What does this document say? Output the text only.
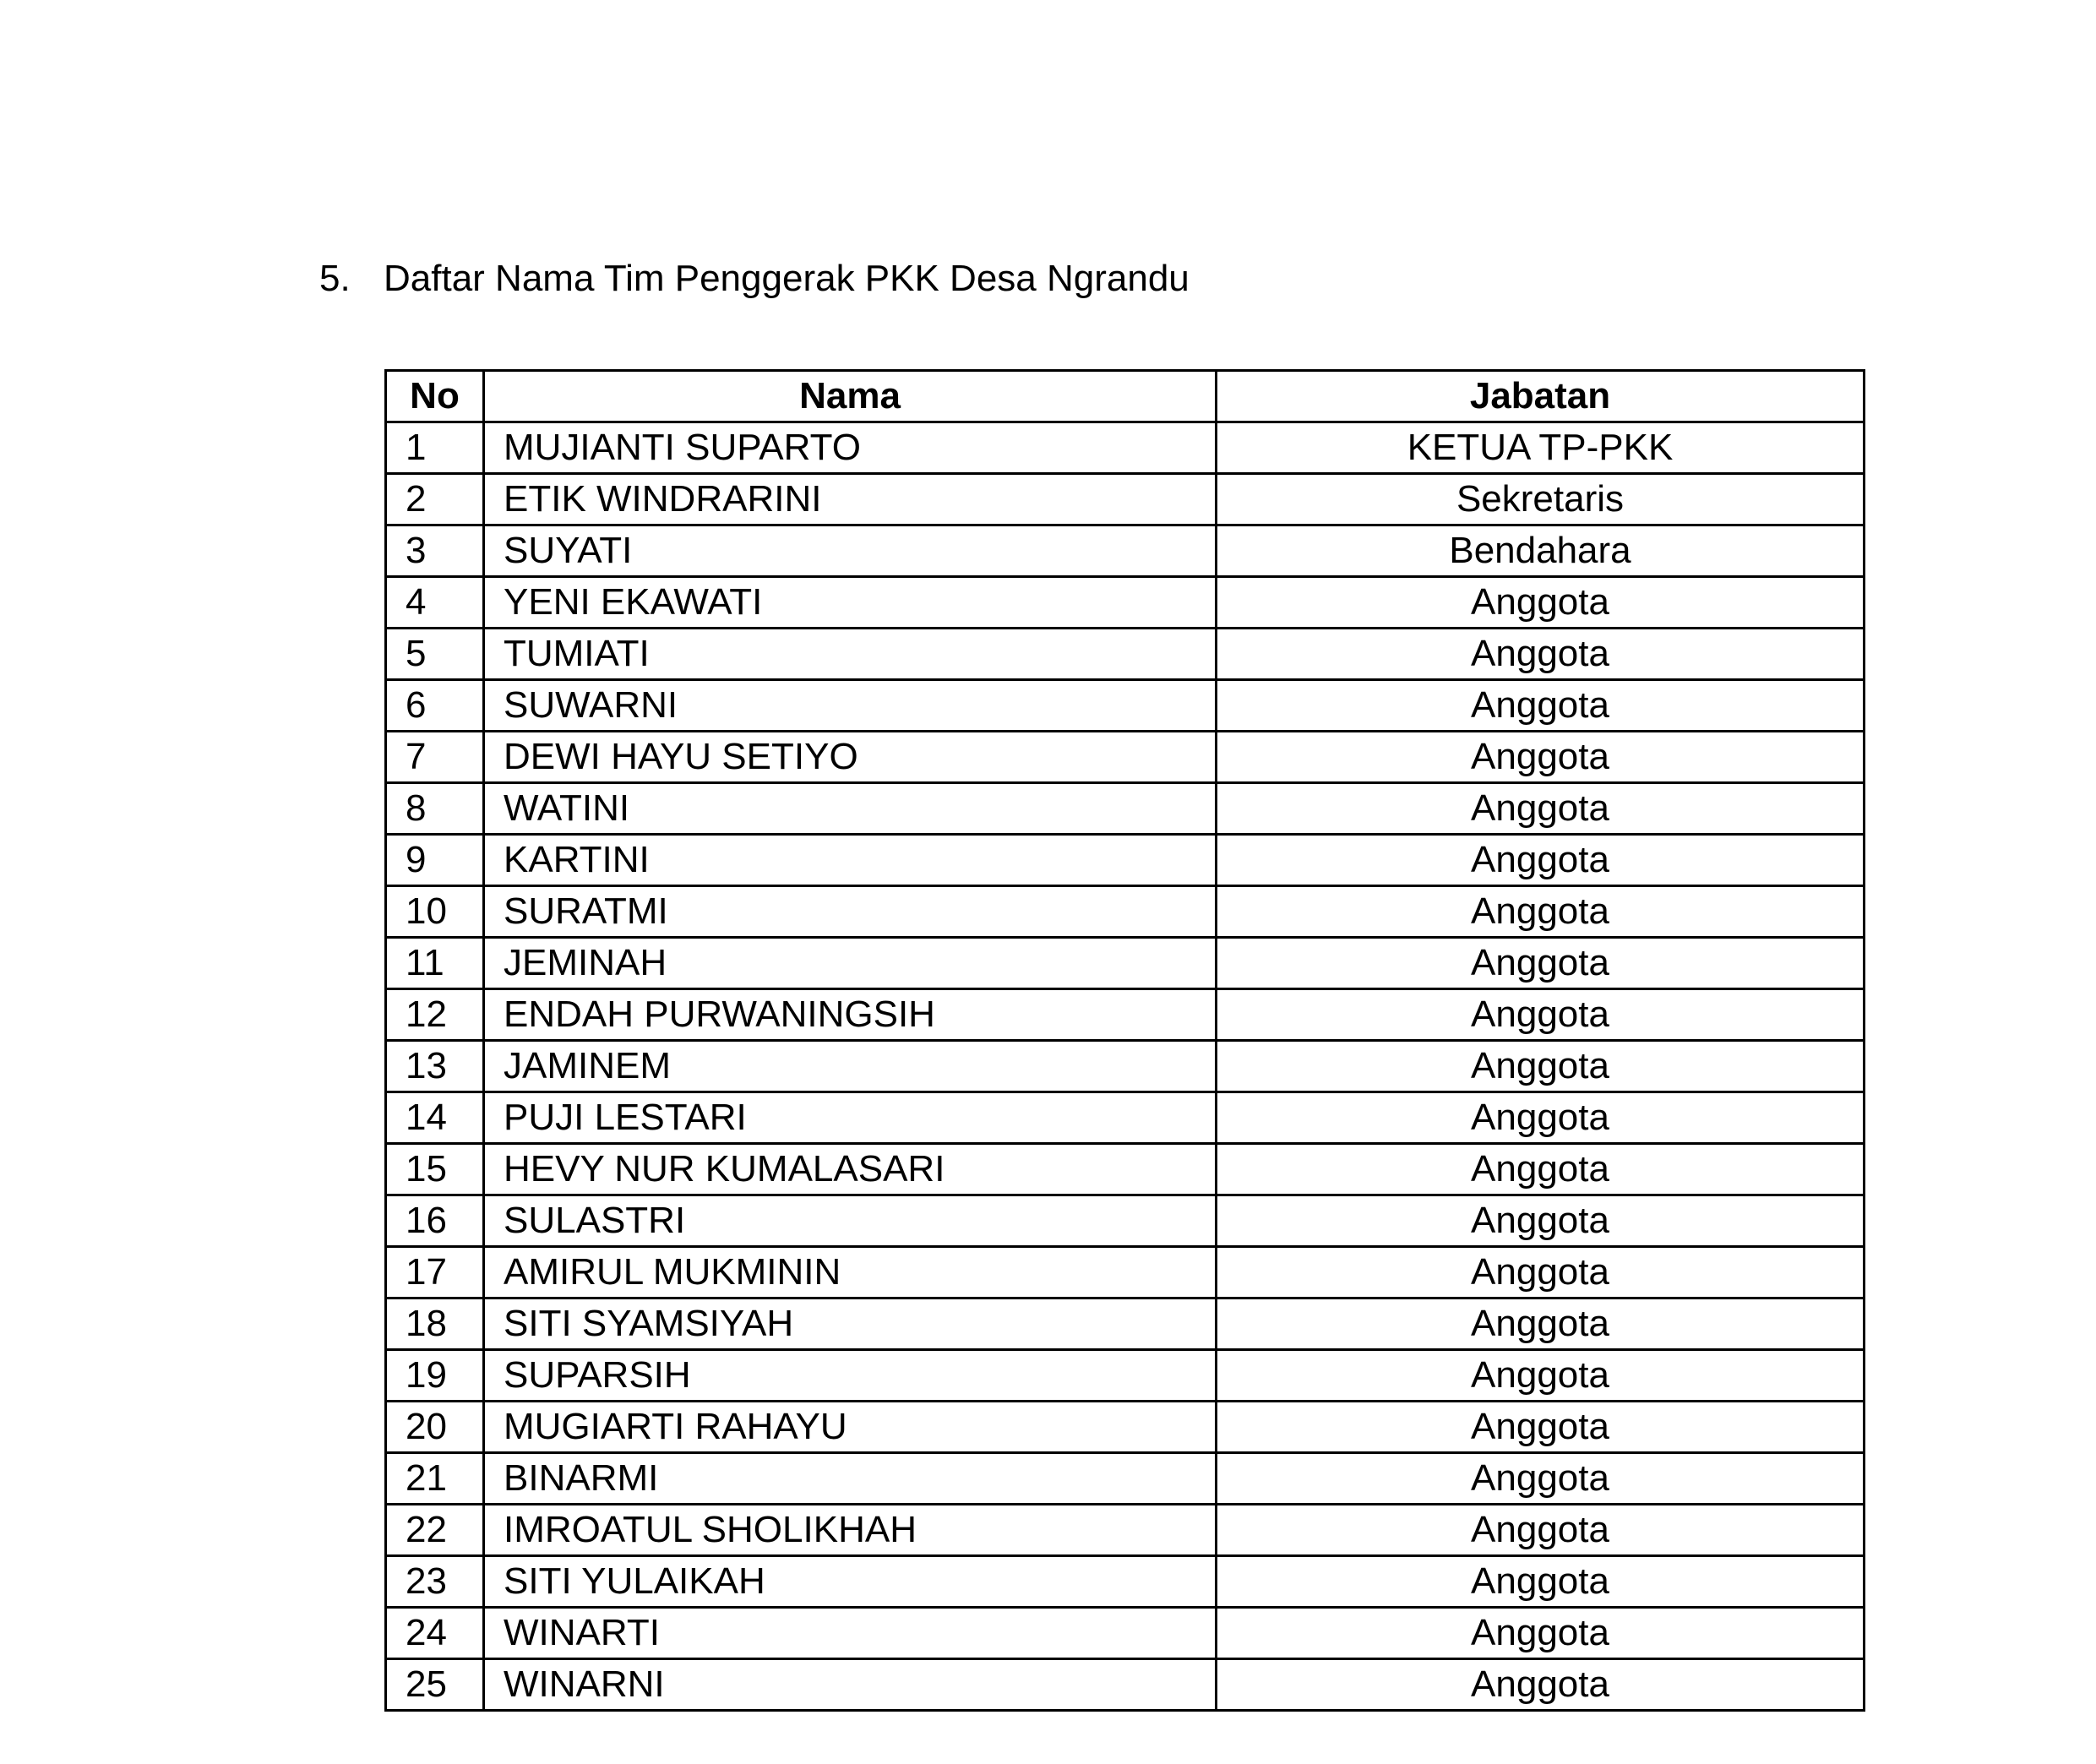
5. Daftar Nama Tim Penggerak PKK Desa Ngrandu
No	Nama	Jabatan
1	MUJIANTI SUPARTO	KETUA TP-PKK
2	ETIK WINDRARINI	Sekretaris
3	SUYATI	Bendahara
4	YENI EKAWATI	Anggota
5	TUMIATI	Anggota
6	SUWARNI	Anggota
7	DEWI HAYU SETIYO	Anggota
8	WATINI	Anggota
9	KARTINI	Anggota
10	SURATMI	Anggota
11	JEMINAH	Anggota
12	ENDAH PURWANINGSIH	Anggota
13	JAMINEM	Anggota
14	PUJI LESTARI	Anggota
15	HEVY NUR KUMALASARI	Anggota
16	SULASTRI	Anggota
17	AMIRUL MUKMININ	Anggota
18	SITI SYAMSIYAH	Anggota
19	SUPARSIH	Anggota
20	MUGIARTI RAHAYU	Anggota
21	BINARMI	Anggota
22	IMROATUL SHOLIKHAH	Anggota
23	SITI YULAIKAH	Anggota
24	WINARTI	Anggota
25	WINARNI	Anggota
